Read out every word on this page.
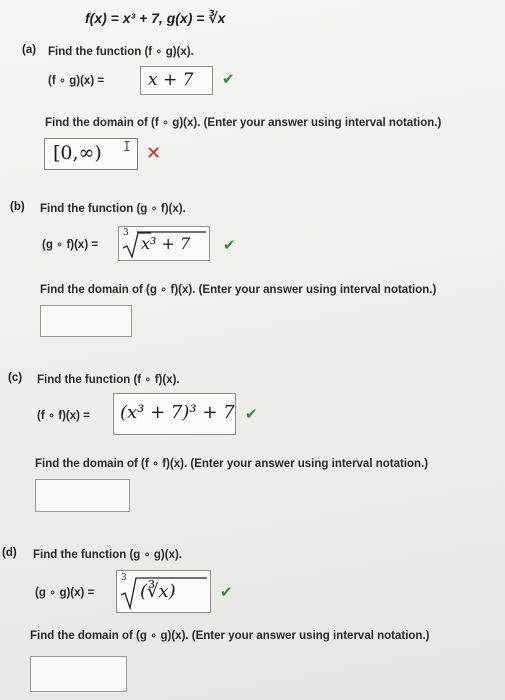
f(x) = x³ + 7, g(x) = ∛x
(a) Find the function (f ∘ g)(x).
(f ∘ g)(x) =	x + 7	✔
Find the domain of (f ∘ g)(x). (Enter your answer using interval notation.)
[0,∞)	I ✕
(b) Find the function (g ∘ f)(x).
(g ∘ f)(x) =
3
x³ + 7 ✔
Find the domain of (g ∘ f)(x). (Enter your answer using interval notation.)
(c) Find the function (f ∘ f)(x).
(f ∘ f)(x) =	(x³ + 7)³ + 7 ✔
Find the domain of (f ∘ f)(x). (Enter your answer using interval notation.)
(d) Find the function (g ∘ g)(x).
(g ∘ g)(x) =
3
(∛x)	✔
Find the domain of (g ∘ g)(x). (Enter your answer using interval notation.)
